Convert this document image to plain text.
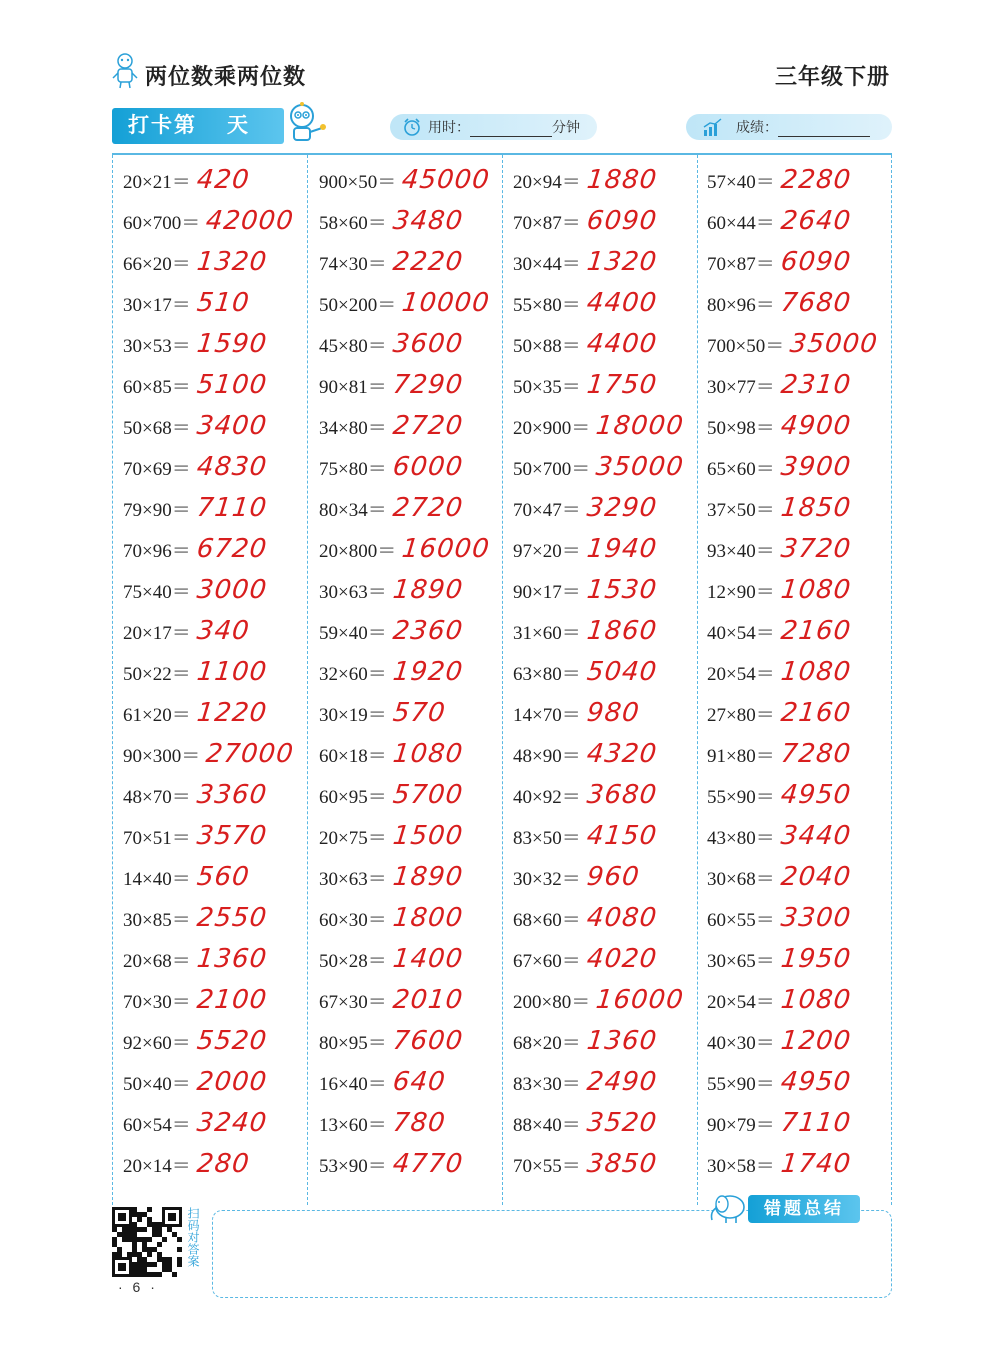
两位数乘两位数	三年级下册
打卡第 天	用时：	分钟	成绩：
20×21＝ 420
60×700＝ 42000
66×20＝ 1320
30×17＝ 510
30×53＝ 1590
60×85＝ 5100
50×68＝ 3400
70×69＝ 4830
79×90＝ 7110
70×96＝ 6720
75×40＝ 3000
20×17＝ 340
50×22＝ 1100
61×20＝ 1220
90×300＝ 27000
48×70＝ 3360
70×51＝ 3570
14×40＝ 560
30×85＝ 2550
20×68＝ 1360
70×30＝ 2100
92×60＝ 5520
50×40＝ 2000
60×54＝ 3240
20×14＝ 280
900×50＝ 45000
58×60＝ 3480
74×30＝ 2220
50×200＝ 10000
45×80＝ 3600
90×81＝ 7290
34×80＝ 2720
75×80＝ 6000
80×34＝ 2720
20×800＝ 16000
30×63＝ 1890
59×40＝ 2360
32×60＝ 1920
30×19＝ 570
60×18＝ 1080
60×95＝ 5700
20×75＝ 1500
30×63＝ 1890
60×30＝ 1800
50×28＝ 1400
67×30＝ 2010
80×95＝ 7600
16×40＝ 640
13×60＝ 780
53×90＝ 4770
20×94＝ 1880
70×87＝ 6090
30×44＝ 1320
55×80＝ 4400
50×88＝ 4400
50×35＝ 1750
20×900＝ 18000
50×700＝ 35000
70×47＝ 3290
97×20＝ 1940
90×17＝ 1530
31×60＝ 1860
63×80＝ 5040
14×70＝ 980
48×90＝ 4320
40×92＝ 3680
83×50＝ 4150
30×32＝ 960
68×60＝ 4080
67×60＝ 4020
200×80＝ 16000
68×20＝ 1360
83×30＝ 2490
88×40＝ 3520
70×55＝ 3850
57×40＝ 2280
60×44＝ 2640
70×87＝ 6090
80×96＝ 7680
700×50＝ 35000
30×77＝ 2310
50×98＝ 4900
65×60＝ 3900
37×50＝ 1850
93×40＝ 3720
12×90＝ 1080
40×54＝ 2160
20×54＝ 1080
27×80＝ 2160
91×80＝ 7280
55×90＝ 4950
43×80＝ 3440
30×68＝ 2040
60×55＝ 3300
30×65＝ 1950
20×54＝ 1080
40×30＝ 1200
55×90＝ 4950
90×79＝ 7110
30×58＝ 1740
扫码对答案
· 6 ·
错题总结
